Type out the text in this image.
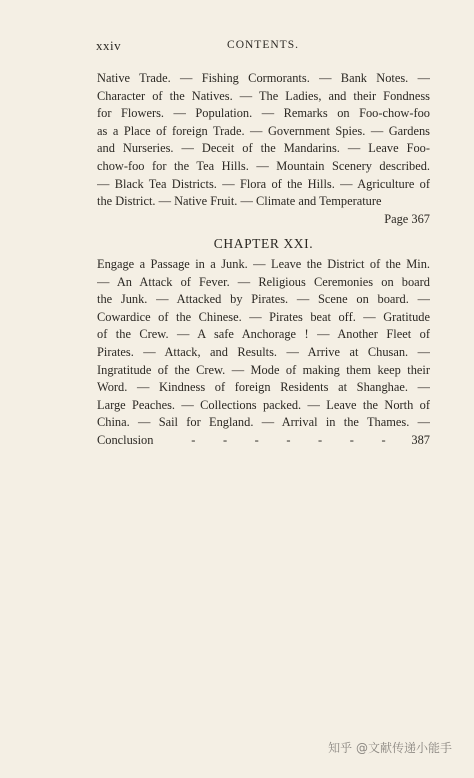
xxiv	CONTENTS.
Native Trade. — Fishing Cormorants. — Bank Notes. —
Character of the Natives. — The Ladies, and their Fondness
for Flowers. — Population. — Remarks on Foo-chow-foo
as a Place of foreign Trade. — Government Spies. — Gardens
and Nurseries. — Deceit of the Mandarins. — Leave Foo-
chow-foo for the Tea Hills. — Mountain Scenery described.
— Black Tea Districts. — Flora of the Hills. — Agriculture of
the District. — Native Fruit. — Climate and Temperature
Page 367
CHAPTER XXI.
Engage a Passage in a Junk. — Leave the District of the Min.
— An Attack of Fever. — Religious Ceremonies on board
the Junk. — Attacked by Pirates. — Scene on board. —
Cowardice of the Chinese. — Pirates beat off. — Gratitude
of the Crew. — A safe Anchorage ! — Another Fleet of
Pirates. — Attack, and Results. — Arrive at Chusan. —
Ingratitude of the Crew. — Mode of making them keep their
Word. — Kindness of foreign Residents at Shanghae. —
Large Peaches. — Collections packed. — Leave the North of
China. — Sail for England. — Arrival in the Thames. —
Conclusion	- - - - - - - 387
知乎 @文献传递小能手
